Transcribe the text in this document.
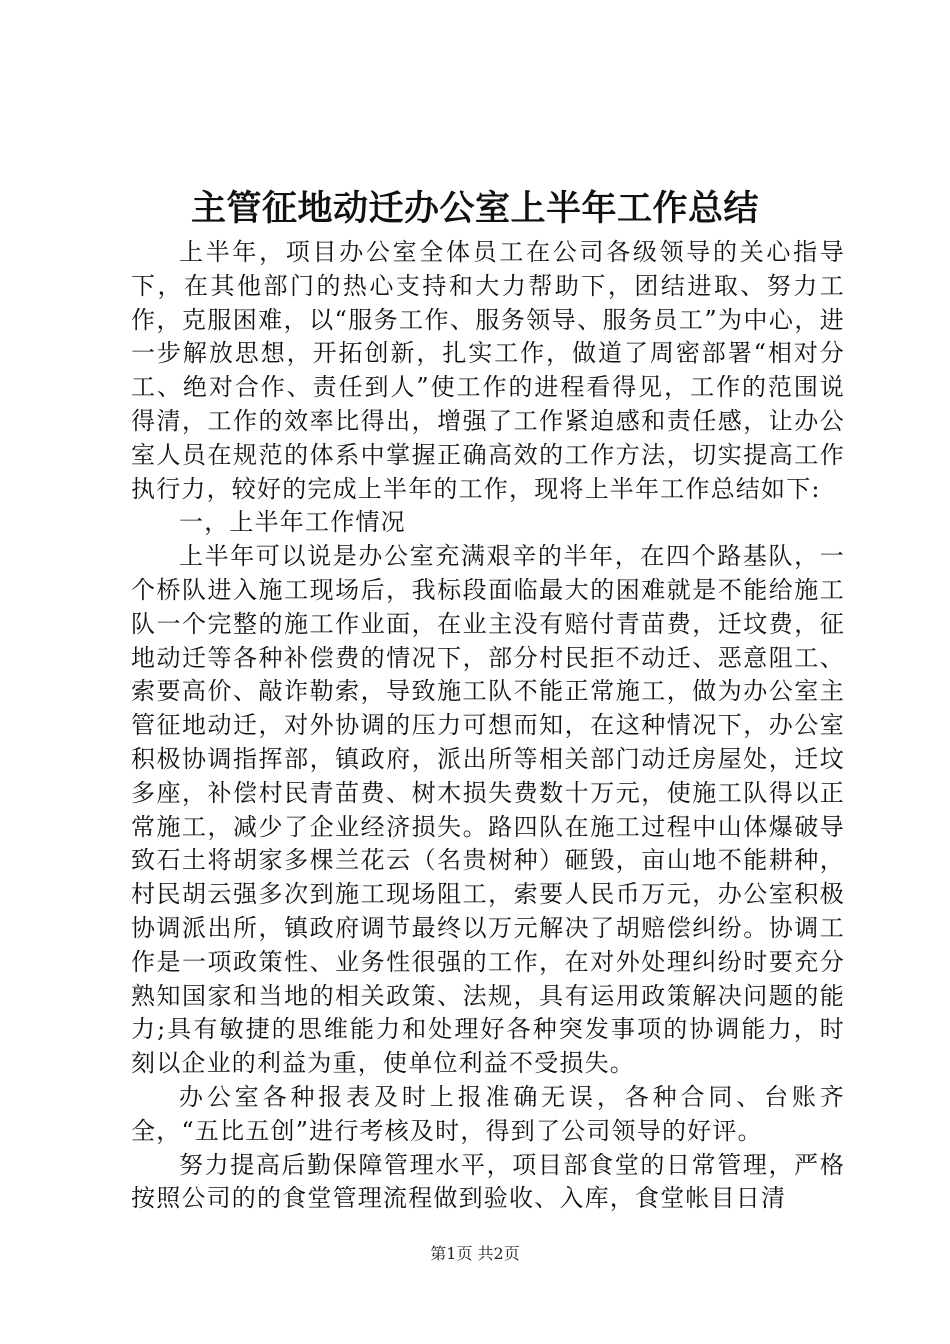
主管征地动迁办公室上半年工作总结

上半年，项目办公室全体员工在公司各级领导的关心指导下，在其他部门的热心支持和大力帮助下，团结进取、努力工作，克服困难，以“服务工作、服务领导、服务员工”为中心，进一步解放思想，开拓创新，扎实工作，做道了周密部署“相对分工、绝对合作、责任到人”使工作的进程看得见，工作的范围说得清，工作的效率比得出，增强了工作紧迫感和责任感，让办公室人员在规范的体系中掌握正确高效的工作方法，切实提高工作执行力，较好的完成上半年的工作，现将上半年工作总结如下:

一，上半年工作情况

上半年可以说是办公室充满艰辛的半年，在四个路基队，一个桥队进入施工现场后，我标段面临最大的困难就是不能给施工队一个完整的施工作业面，在业主没有赔付青苗费，迁坟费，征地动迁等各种补偿费的情况下，部分村民拒不动迁、恶意阻工、索要高价、敲诈勒索，导致施工队不能正常施工，做为办公室主管征地动迁，对外协调的压力可想而知，在这种情况下，办公室积极协调指挥部，镇政府，派出所等相关部门动迁房屋处，迁坟多座，补偿村民青苗费、树木损失费数十万元，使施工队得以正常施工，减少了企业经济损失。路四队在施工过程中山体爆破导致石土将胡家多棵兰花云（名贵树种）砸毁，亩山地不能耕种，村民胡云强多次到施工现场阻工，索要人民币万元，办公室积极协调派出所，镇政府调节最终以万元解决了胡赔偿纠纷。协调工作是一项政策性、业务性很强的工作，在对外处理纠纷时要充分熟知国家和当地的相关政策、法规，具有运用政策解决问题的能力;具有敏捷的思维能力和处理好各种突发事项的协调能力，时刻以企业的利益为重，使单位利益不受损失。

办公室各种报表及时上报准确无误，各种合同、台账齐全，“五比五创”进行考核及时，得到了公司领导的好评。

努力提高后勤保障管理水平，项目部食堂的日常管理，严格按照公司的的食堂管理流程做到验收、入库，食堂帐目日清

第1页 共2页
